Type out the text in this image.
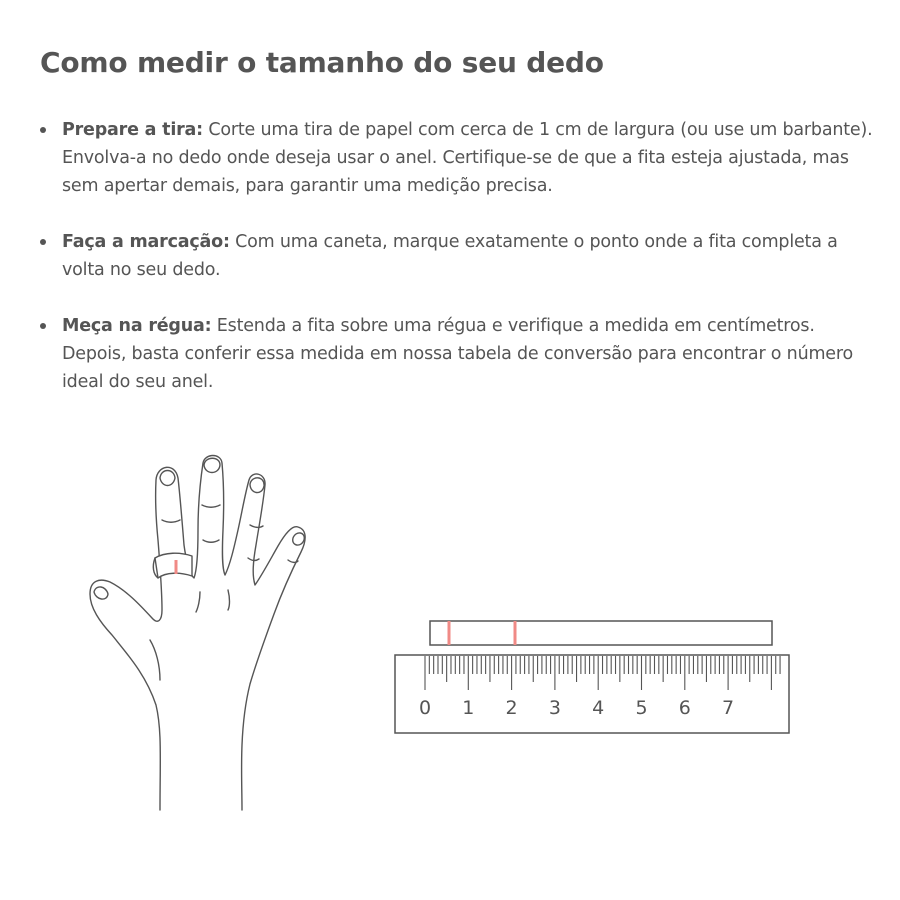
Como medir o tamanho do seu dedo
Prepare a tira: Corte uma tira de papel com cerca de 1 cm de largura (ou use um barbante). Envolva-a no dedo onde deseja usar o anel. Certifique-se de que a fita esteja ajustada, mas sem apertar demais, para garantir uma medição precisa.
Faça a marcação: Com uma caneta, marque exatamente o ponto onde a fita completa a volta no seu dedo.
Meça na régua: Estenda a fita sobre uma régua e verifique a medida em centímetros. Depois, basta conferir essa medida em nossa tabela de conversão para encontrar o número ideal do seu anel.
0 1 2 3 4 5 6 7
